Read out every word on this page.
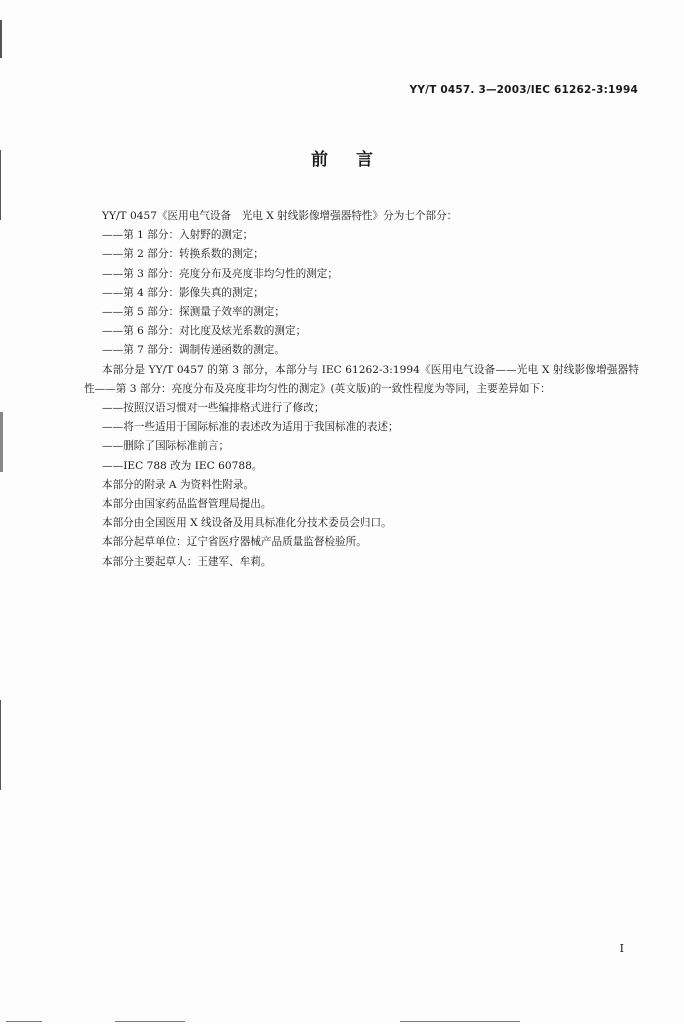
YY/T 0457. 3—2003/IEC 61262-3:1994
前言

YY/T 0457《医用电气设备　光电 X 射线影像增强器特性》分为七个部分：

——第 1 部分：入射野的测定；

——第 2 部分：转换系数的测定；

——第 3 部分：亮度分布及亮度非均匀性的测定；

——第 4 部分：影像失真的测定；

——第 5 部分：探测量子效率的测定；

——第 6 部分：对比度及炫光系数的测定；

——第 7 部分：调制传递函数的测定。

本部分是 YY/T 0457 的第 3 部分，本部分与 IEC 61262-3:1994《医用电气设备——光电 X 射线影像增强器特性——第 3 部分：亮度分布及亮度非均匀性的测定》(英文版)的一致性程度为等同，主要差异如下：

——按照汉语习惯对一些编排格式进行了修改；

——将一些适用于国际标准的表述改为适用于我国标准的表述；

——删除了国际标准前言；

——IEC 788 改为 IEC 60788。

本部分的附录 A 为资料性附录。

本部分由国家药品监督管理局提出。

本部分由全国医用 X 线设备及用具标准化分技术委员会归口。

本部分起草单位：辽宁省医疗器械产品质量监督检验所。

本部分主要起草人：王建军、牟莉。

I
